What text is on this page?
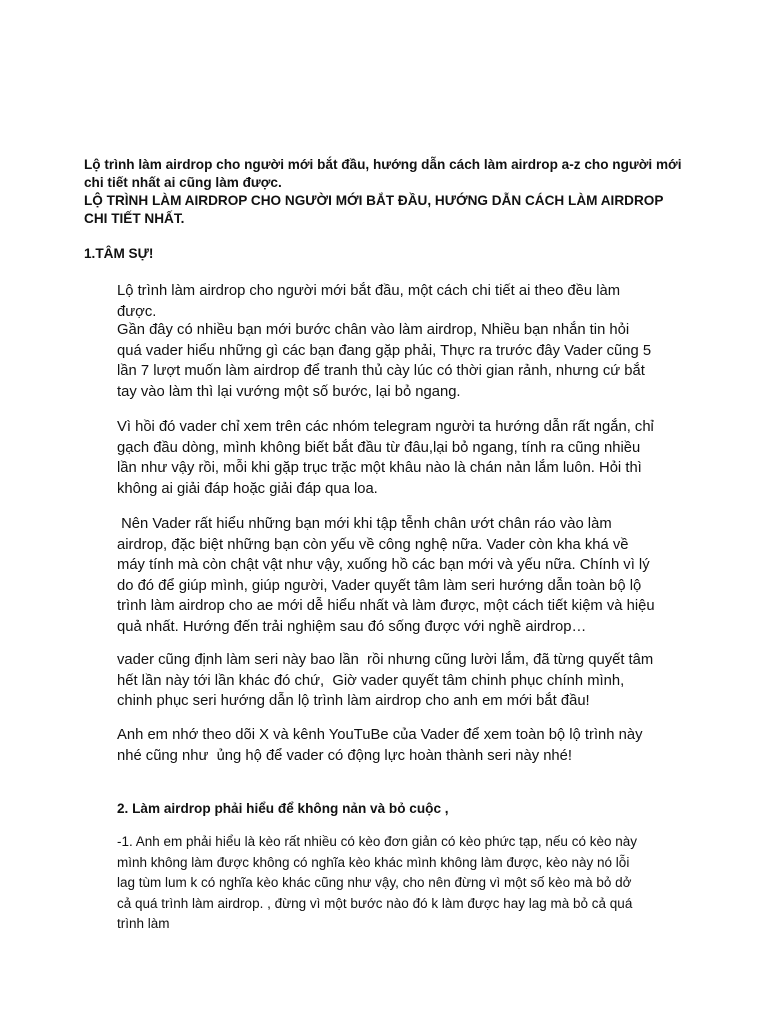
Lộ trình làm airdrop cho người mới bắt đầu, hướng dẫn cách làm airdrop a-z cho người mới chi tiết nhất ai cũng làm được.

LỘ TRÌNH LÀM AIRDROP CHO NGƯỜI MỚI BẮT ĐẦU, HƯỚNG DẪN CÁCH LÀM AIRDROP CHI TIẾT NHẤT.

1.TÂM SỰ!

Lộ trình làm airdrop cho người mới bắt đầu, một cách chi tiết ai theo đều làm được.

Gần đây có nhiều bạn mới bước chân vào làm airdrop, Nhiều bạn nhắn tin hỏi quá vader hiểu những gì các bạn đang gặp phải, Thực ra trước đây Vader cũng 5 lần 7 lượt muốn làm airdrop để tranh thủ cày lúc có thời gian rảnh, nhưng cứ bắt tay vào làm thì lại vướng một số bước, lại bỏ ngang.

Vì hồi đó vader chỉ xem trên các nhóm telegram người ta hướng dẫn rất ngắn, chỉ gạch đầu dòng, mình không biết bắt đầu từ đâu,lại bỏ ngang, tính ra cũng nhiều lần như vậy rồi, mỗi khi gặp trục trặc một khâu nào là chán nản lắm luôn. Hỏi thì không ai giải đáp hoặc giải đáp qua loa.

Nên Vader rất hiểu những bạn mới khi tập tễnh chân ướt chân ráo vào làm airdrop, đặc biệt những bạn còn yếu về công nghệ nữa. Vader còn kha khá về máy tính mà còn chật vật như vậy, xuống hồ các bạn mới và yếu nữa. Chính vì lý do đó để giúp mình, giúp người, Vader quyết tâm làm seri hướng dẫn toàn bộ lộ trình làm airdrop cho ae mới dễ hiểu nhất và làm được, một cách tiết kiệm và hiệu quả nhất. Hướng đến trải nghiệm sau đó sống được với nghề airdrop…

vader cũng định làm seri này bao lần  rồi nhưng cũng lười lắm, đã từng quyết tâm hết lần này tới lần khác đó chứ,  Giờ vader quyết tâm chinh phục chính mình, chinh phục seri hướng dẫn lộ trình làm airdrop cho anh em mới bắt đầu!

Anh em nhớ theo dõi X và kênh YouTuBe của Vader để xem toàn bộ lộ trình này nhé cũng như  ủng hộ để vader có động lực hoàn thành seri này nhé!

2. Làm airdrop phải hiểu để không nản và bỏ cuộc ,

-1. Anh em phải hiểu là kèo rất nhiều có kèo đơn giản có kèo phức tạp, nếu có kèo này mình không làm được không có nghĩa kèo khác mình không làm được, kèo này nó lỗi lag tùm lum k có nghĩa kèo khác cũng như vậy, cho nên đừng vì một số kèo mà bỏ dở cả quá trình làm airdrop. , đừng vì một bước nào đó k làm được hay lag mà bỏ cả quá trình làm
